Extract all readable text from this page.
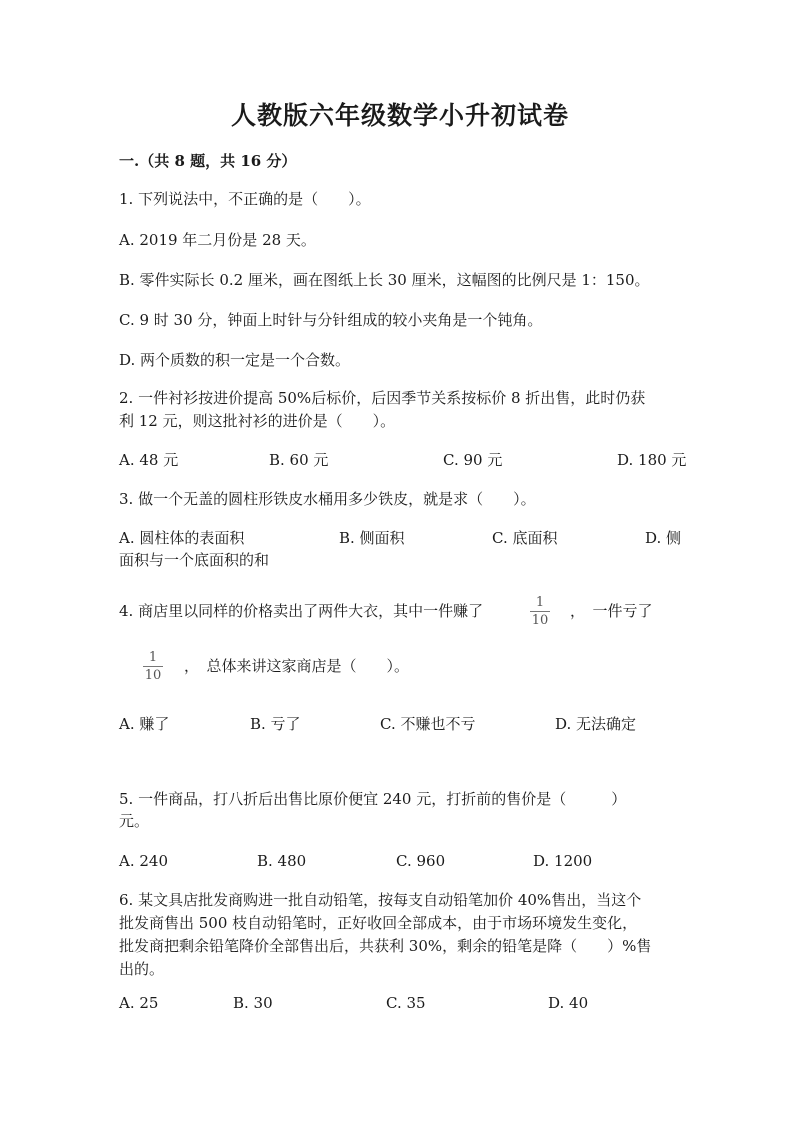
人教版六年级数学小升初试卷
一.（共 8 题，共 16 分）
1. 下列说法中，不正确的是（　　）。
A. 2019 年二月份是 28 天。
B. 零件实际长 0.2 厘米，画在图纸上长 30 厘米，这幅图的比例尺是 1：150。
C. 9 时 30 分，钟面上时针与分针组成的较小夹角是一个钝角。
D. 两个质数的积一定是一个合数。
2. 一件衬衫按进价提高 50%后标价，后因季节关系按标价 8 折出售，此时仍获
利 12 元，则这批衬衫的进价是（　　）。
A. 48 元	B. 60 元	C. 90 元	D. 180 元
3. 做一个无盖的圆柱形铁皮水桶用多少铁皮，就是求（　　）。
A. 圆柱体的表面积	B. 侧面积	C. 底面积	D. 侧
面积与一个底面积的和
4. 商店里以同样的价格卖出了两件大衣，其中一件赚了	1
10
，　一件亏了
1
10
，　总体来讲这家商店是（　　）。
A. 赚了	B. 亏了	C. 不赚也不亏	D. 无法确定
5. 一件商品，打八折后出售比原价便宜 240 元，打折前的售价是（　　　）
元。
A. 240	B. 480	C. 960	D. 1200
6. 某文具店批发商购进一批自动铅笔，按每支自动铅笔加价 40%售出，当这个
批发商售出 500 枝自动铅笔时，正好收回全部成本，由于市场环境发生变化，
批发商把剩余铅笔降价全部售出后，共获利 30%，剩余的铅笔是降（　　）%售
出的。
A. 25	B. 30	C. 35	D. 40
